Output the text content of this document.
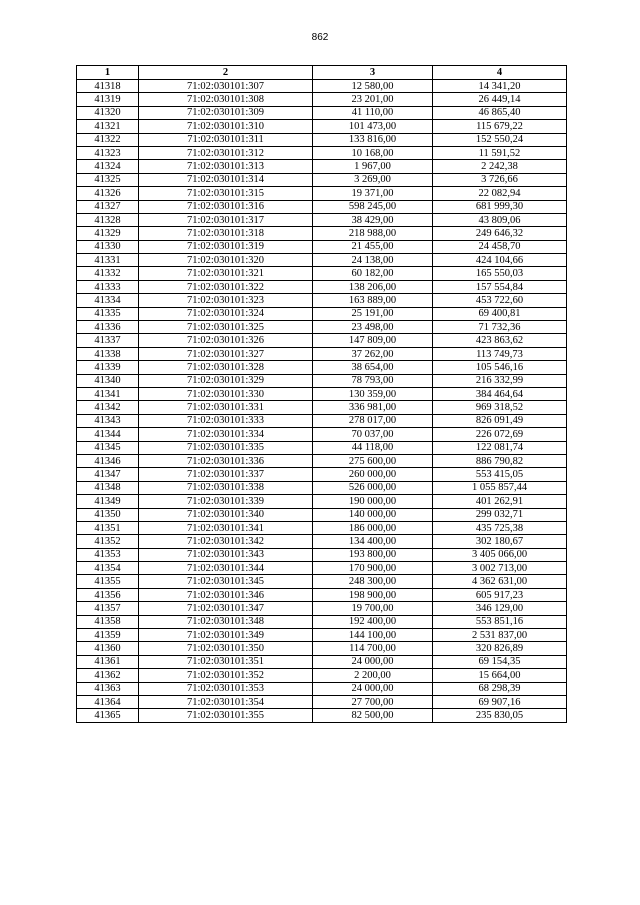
862
1	2	3	4
41318	71:02:030101:307	12 580,00	14 341,20
41319	71:02:030101:308	23 201,00	26 449,14
41320	71:02:030101:309	41 110,00	46 865,40
41321	71:02:030101:310	101 473,00	115 679,22
41322	71:02:030101:311	133 816,00	152 550,24
41323	71:02:030101:312	10 168,00	11 591,52
41324	71:02:030101:313	1 967,00	2 242,38
41325	71:02:030101:314	3 269,00	3 726,66
41326	71:02:030101:315	19 371,00	22 082,94
41327	71:02:030101:316	598 245,00	681 999,30
41328	71:02:030101:317	38 429,00	43 809,06
41329	71:02:030101:318	218 988,00	249 646,32
41330	71:02:030101:319	21 455,00	24 458,70
41331	71:02:030101:320	24 138,00	424 104,66
41332	71:02:030101:321	60 182,00	165 550,03
41333	71:02:030101:322	138 206,00	157 554,84
41334	71:02:030101:323	163 889,00	453 722,60
41335	71:02:030101:324	25 191,00	69 400,81
41336	71:02:030101:325	23 498,00	71 732,36
41337	71:02:030101:326	147 809,00	423 863,62
41338	71:02:030101:327	37 262,00	113 749,73
41339	71:02:030101:328	38 654,00	105 546,16
41340	71:02:030101:329	78 793,00	216 332,99
41341	71:02:030101:330	130 359,00	384 464,64
41342	71:02:030101:331	336 981,00	969 318,52
41343	71:02:030101:333	278 017,00	826 091,49
41344	71:02:030101:334	70 037,00	226 072,69
41345	71:02:030101:335	44 118,00	122 081,74
41346	71:02:030101:336	275 600,00	886 790,82
41347	71:02:030101:337	260 000,00	553 415,05
41348	71:02:030101:338	526 000,00	1 055 857,44
41349	71:02:030101:339	190 000,00	401 262,91
41350	71:02:030101:340	140 000,00	299 032,71
41351	71:02:030101:341	186 000,00	435 725,38
41352	71:02:030101:342	134 400,00	302 180,67
41353	71:02:030101:343	193 800,00	3 405 066,00
41354	71:02:030101:344	170 900,00	3 002 713,00
41355	71:02:030101:345	248 300,00	4 362 631,00
41356	71:02:030101:346	198 900,00	605 917,23
41357	71:02:030101:347	19 700,00	346 129,00
41358	71:02:030101:348	192 400,00	553 851,16
41359	71:02:030101:349	144 100,00	2 531 837,00
41360	71:02:030101:350	114 700,00	320 826,89
41361	71:02:030101:351	24 000,00	69 154,35
41362	71:02:030101:352	2 200,00	15 664,00
41363	71:02:030101:353	24 000,00	68 298,39
41364	71:02:030101:354	27 700,00	69 907,16
41365	71:02:030101:355	82 500,00	235 830,05
